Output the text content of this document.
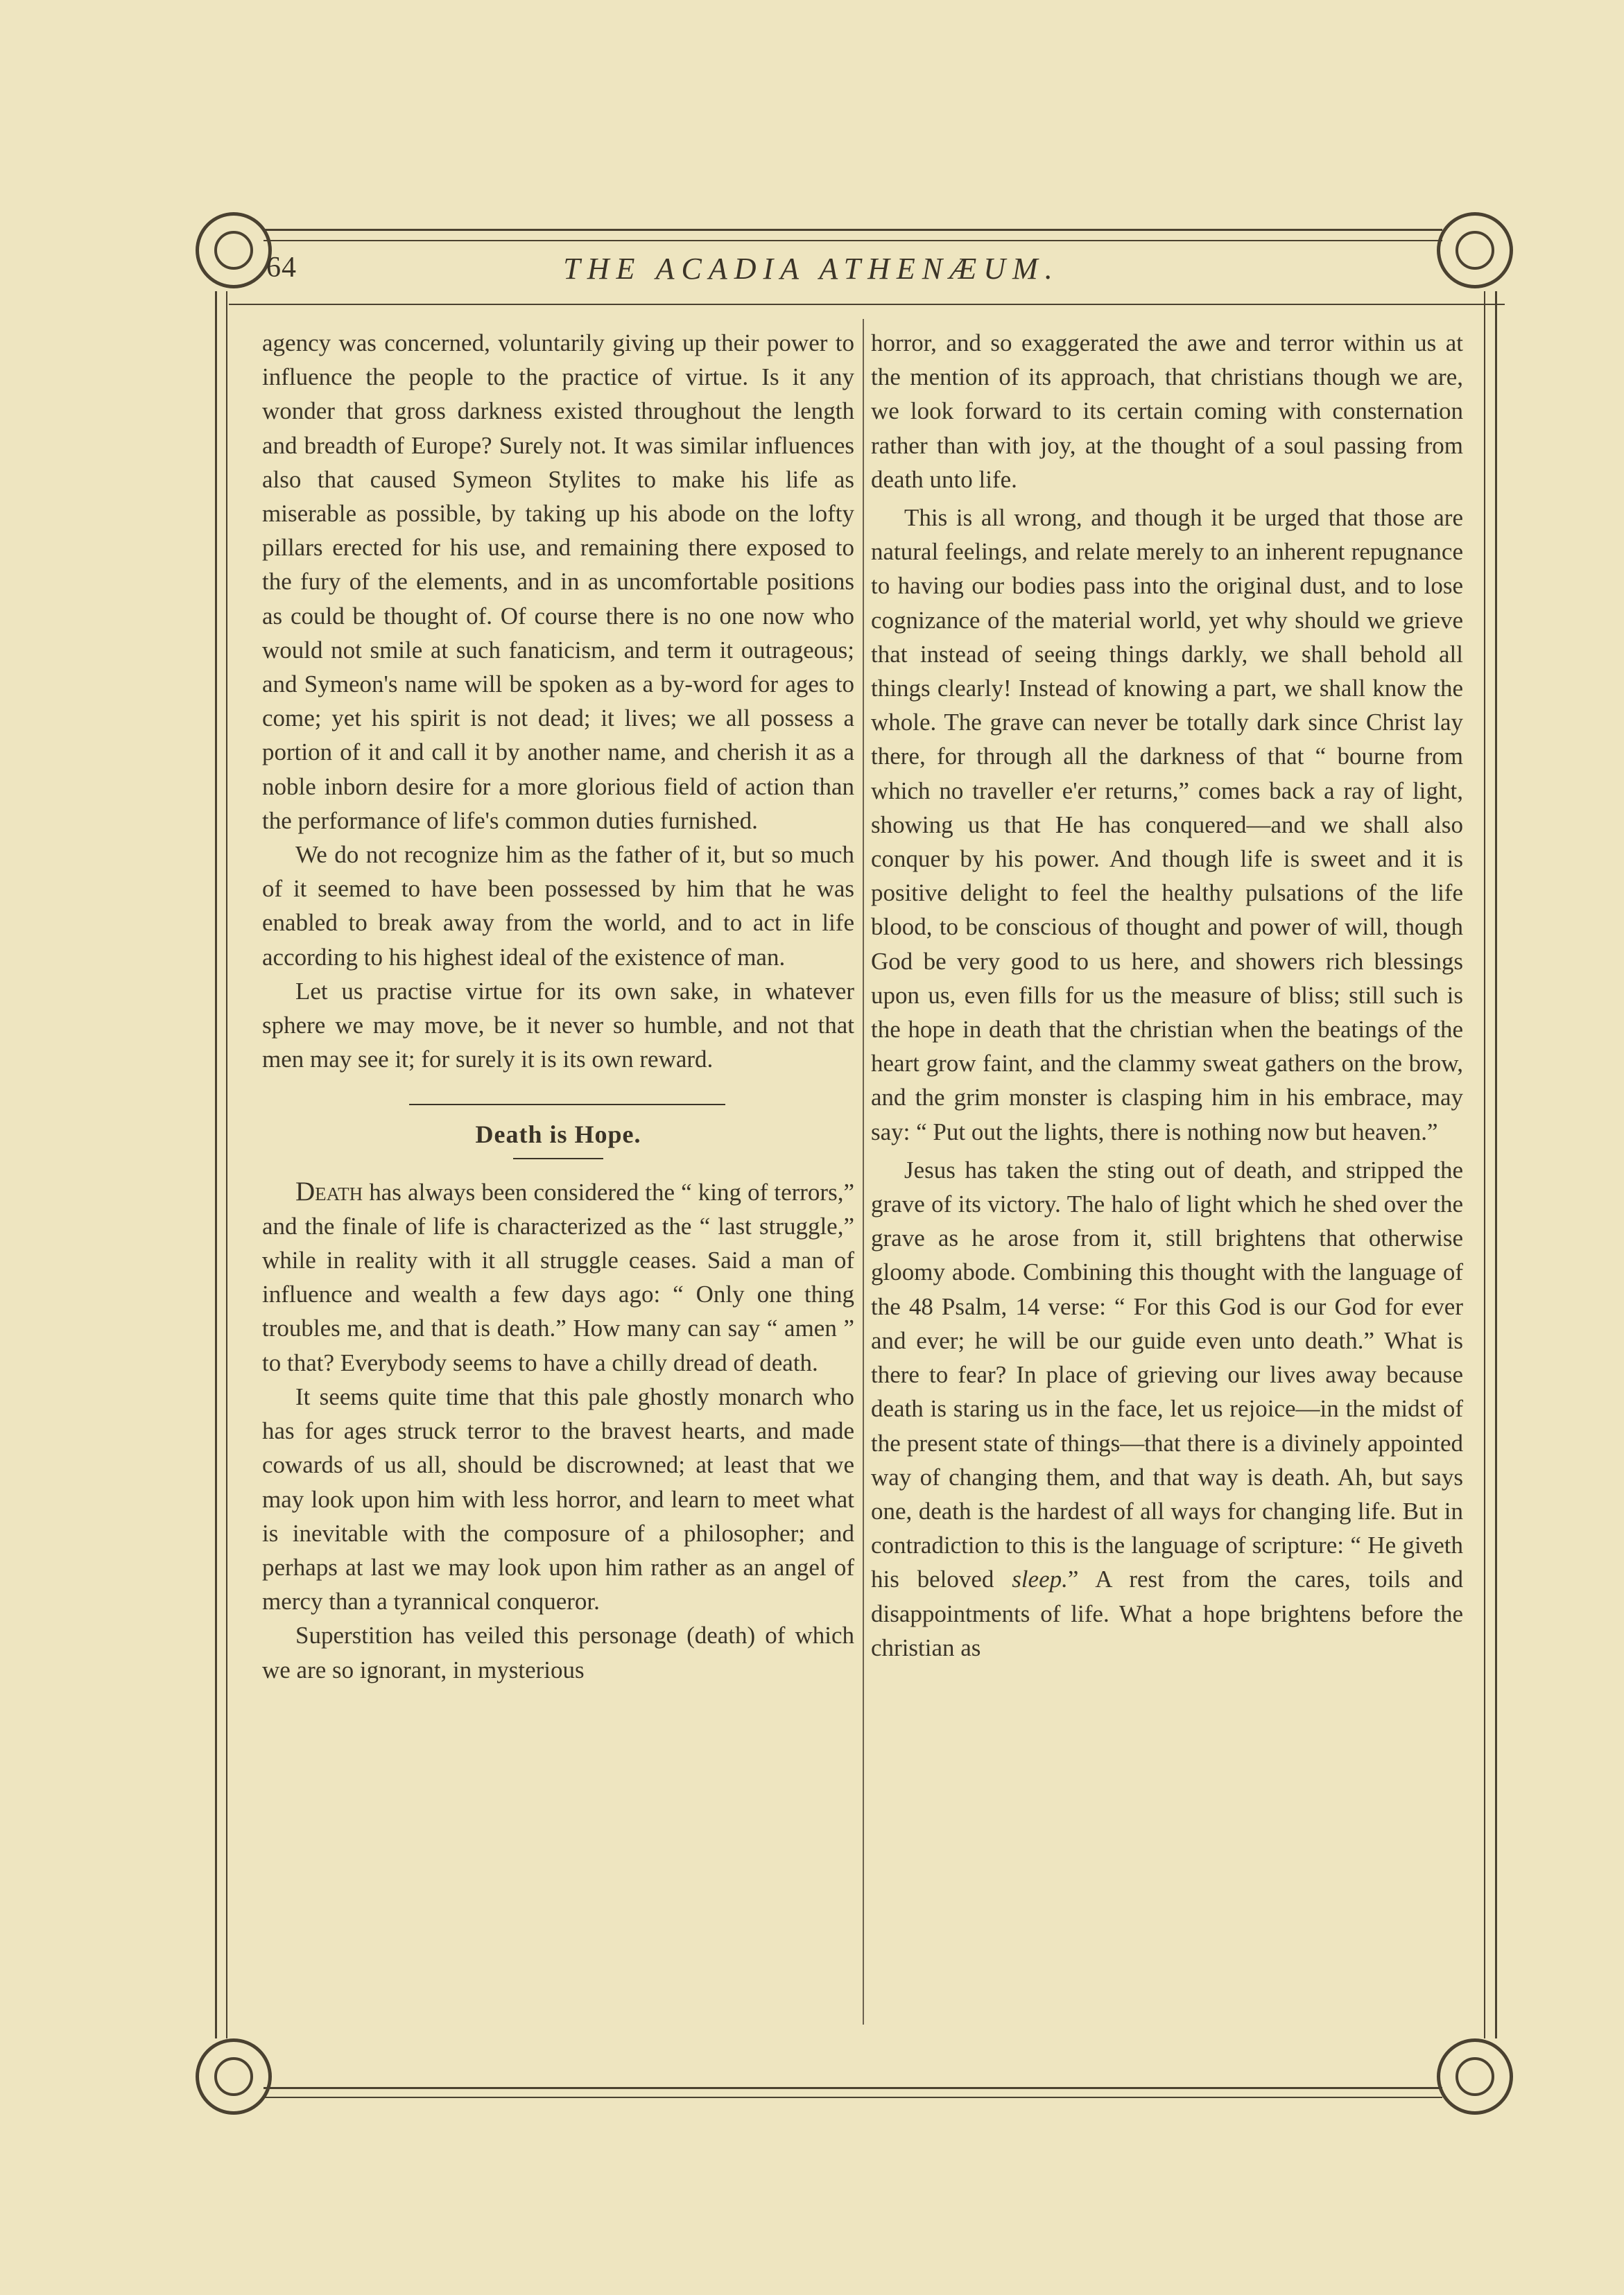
64	THE ACADIA ATHENÆUM.

agency was concerned, voluntarily giving up their power to influence the people to the practice of virtue. Is it any wonder that gross darkness existed throughout the length and breadth of Europe? Surely not. It was similar influences also that caused Symeon Stylites to make his life as miserable as possible, by taking up his abode on the lofty pillars erected for his use, and remaining there exposed to the fury of the elements, and in as uncomfortable positions as could be thought of. Of course there is no one now who would not smile at such fanaticism, and term it outrageous; and Symeon's name will be spoken as a by-word for ages to come; yet his spirit is not dead; it lives; we all possess a portion of it and call it by another name, and cherish it as a noble inborn desire for a more glorious field of action than the performance of life's common duties furnished.

We do not recognize him as the father of it, but so much of it seemed to have been possessed by him that he was enabled to break away from the world, and to act in life according to his highest ideal of the existence of man.

Let us practise virtue for its own sake, in whatever sphere we may move, be it never so humble, and not that men may see it; for surely it is its own reward.

Death is Hope.

Death has always been considered the “ king of terrors,” and the finale of life is characterized as the “ last struggle,” while in reality with it all struggle ceases. Said a man of influence and wealth a few days ago: “ Only one thing troubles me, and that is death.” How many can say “ amen ” to that? Everybody seems to have a chilly dread of death.

It seems quite time that this pale ghostly monarch who has for ages struck terror to the bravest hearts, and made cowards of us all, should be discrowned; at least that we may look upon him with less horror, and learn to meet what is inevitable with the composure of a philosopher; and perhaps at last we may look upon him rather as an angel of mercy than a tyrannical conqueror.

Superstition has veiled this personage (death) of which we are so ignorant, in mysterious

horror, and so exaggerated the awe and terror within us at the mention of its approach, that christians though we are, we look forward to its certain coming with consternation rather than with joy, at the thought of a soul passing from death unto life.

This is all wrong, and though it be urged that those are natural feelings, and relate merely to an inherent repugnance to having our bodies pass into the original dust, and to lose cognizance of the material world, yet why should we grieve that instead of seeing things darkly, we shall behold all things clearly! Instead of knowing a part, we shall know the whole. The grave can never be totally dark since Christ lay there, for through all the darkness of that “ bourne from which no traveller e'er returns,” comes back a ray of light, showing us that He has conquered—and we shall also conquer by his power. And though life is sweet and it is positive delight to feel the healthy pulsations of the life blood, to be conscious of thought and power of will, though God be very good to us here, and showers rich blessings upon us, even fills for us the measure of bliss; still such is the hope in death that the christian when the beatings of the heart grow faint, and the clammy sweat gathers on the brow, and the grim monster is clasping him in his embrace, may say: “ Put out the lights, there is nothing now but heaven.”

Jesus has taken the sting out of death, and stripped the grave of its victory. The halo of light which he shed over the grave as he arose from it, still brightens that otherwise gloomy abode. Combining this thought with the language of the 48 Psalm, 14 verse: “ For this God is our God for ever and ever; he will be our guide even unto death.” What is there to fear? In place of grieving our lives away because death is staring us in the face, let us rejoice—in the midst of the present state of things—that there is a divinely appointed way of changing them, and that way is death. Ah, but says one, death is the hardest of all ways for changing life. But in contradiction to this is the language of scripture: “ He giveth his beloved sleep.” A rest from the cares, toils and disappointments of life. What a hope brightens before the christian as
